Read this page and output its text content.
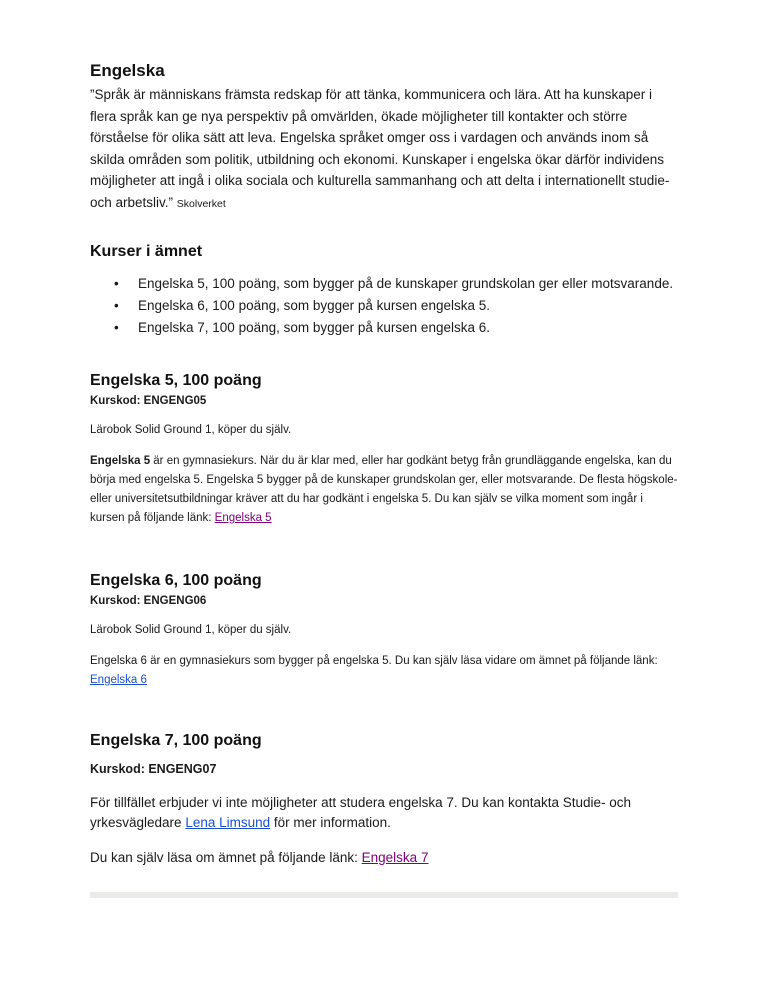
Engelska

”Språk är människans främsta redskap för att tänka, kommunicera och lära. Att ha kunskaper i flera språk kan ge nya perspektiv på omvärlden, ökade möjligheter till kontakter och större förståelse för olika sätt att leva. Engelska språket omger oss i vardagen och används inom så skilda områden som politik, utbildning och ekonomi. Kunskaper i engelska ökar därför individens möjligheter att ingå i olika sociala och kulturella sammanhang och att delta i internationellt studie- och arbetsliv.” Skolverket

Kurser i ämnet
• Engelska 5, 100 poäng, som bygger på de kunskaper grundskolan ger eller motsvarande.
• Engelska 6, 100 poäng, som bygger på kursen engelska 5.
• Engelska 7, 100 poäng, som bygger på kursen engelska 6.
Engelska 5, 100 poäng

Kurskod: ENGENG05

Lärobok Solid Ground 1, köper du själv.

Engelska 5 är en gymnasiekurs. När du är klar med, eller har godkänt betyg från grundläggande engelska, kan du börja med engelska 5. Engelska 5 bygger på de kunskaper grundskolan ger, eller motsvarande. De flesta högskole- eller universitetsutbildningar kräver att du har godkänt i engelska 5. Du kan själv se vilka moment som ingår i kursen på följande länk: Engelska 5

Engelska 6, 100 poäng

Kurskod: ENGENG06

Lärobok Solid Ground 1, köper du själv.

Engelska 6 är en gymnasiekurs som bygger på engelska 5. Du kan själv läsa vidare om ämnet på följande länk: Engelska 6

Engelska 7, 100 poäng

Kurskod: ENGENG07

För tillfället erbjuder vi inte möjligheter att studera engelska 7. Du kan kontakta Studie- och yrkesvägledare Lena Limsund för mer information.

Du kan själv läsa om ämnet på följande länk: Engelska 7
